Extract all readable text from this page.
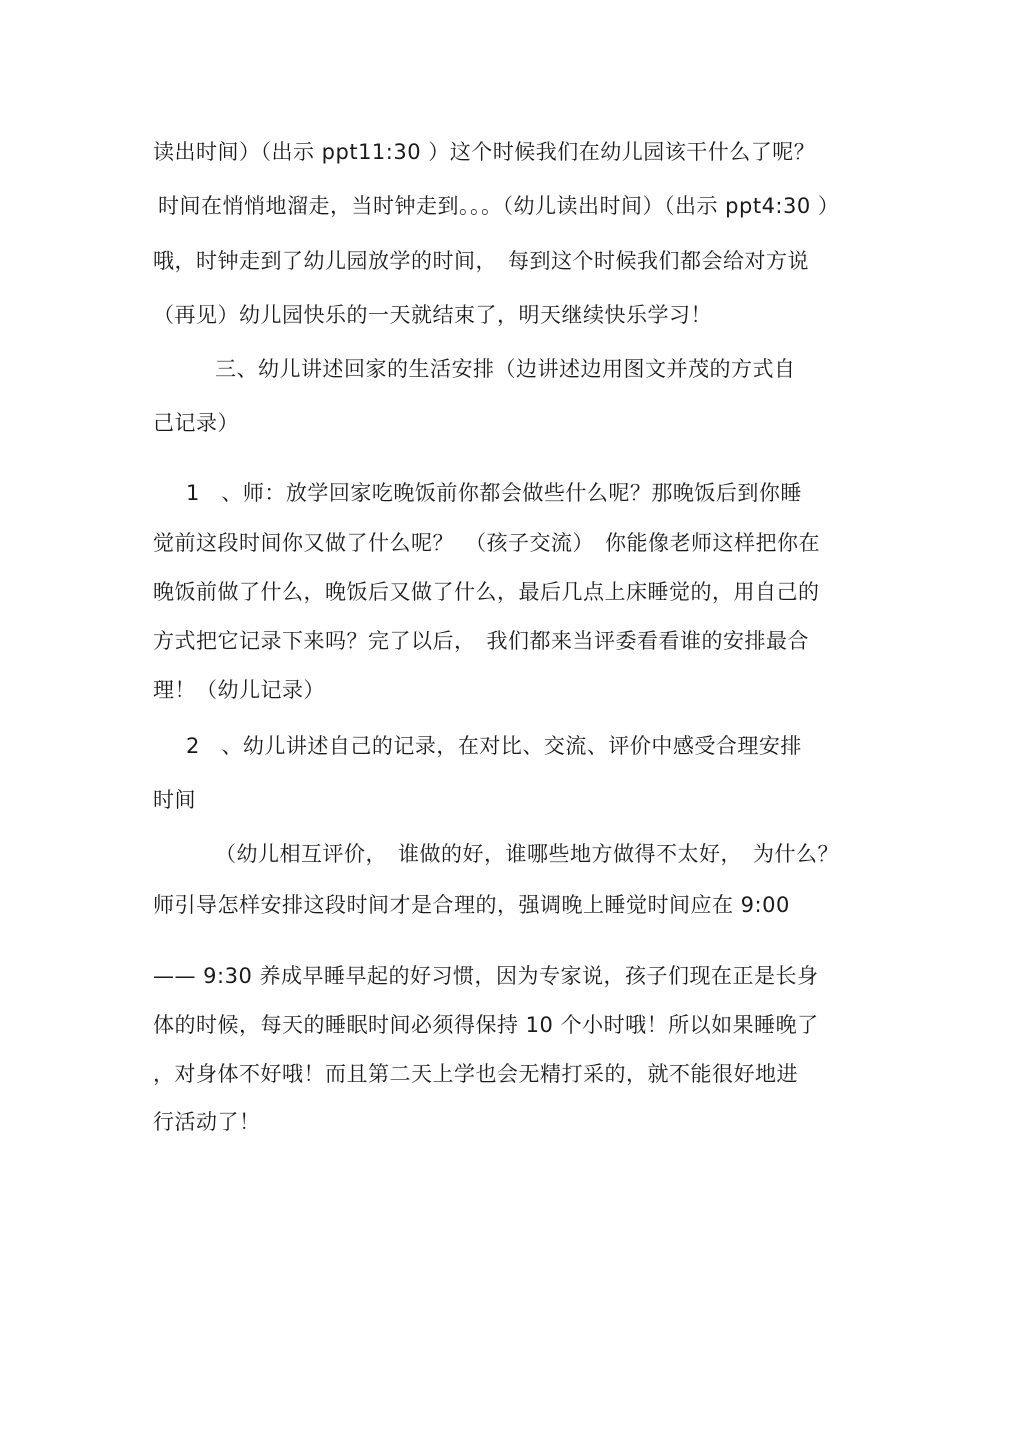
读出时间）（出示 ppt11:30 ）这个时候我们在幼儿园该干什么了呢？
时间在悄悄地溜走，当时钟走到。。。（幼儿读出时间）（出示 ppt4:30 ）
哦，时钟走到了幼儿园放学的时间，　每到这个时候我们都会给对方说
（再见）幼儿园快乐的一天就结束了，明天继续快乐学习！
三、幼儿讲述回家的生活安排（边讲述边用图文并茂的方式自
己记录）
1　、师：放学回家吃晚饭前你都会做些什么呢？那晚饭后到你睡
觉前这段时间你又做了什么呢？　（孩子交流）　你能像老师这样把你在
晚饭前做了什么，晚饭后又做了什么，最后几点上床睡觉的，用自己的
方式把它记录下来吗？完了以后，　我们都来当评委看看谁的安排最合
理！（幼儿记录）
2　、幼儿讲述自己的记录，在对比、交流、评价中感受合理安排
时间
（幼儿相互评价，　谁做的好，谁哪些地方做得不太好，　为什么？
师引导怎样安排这段时间才是合理的，强调晚上睡觉时间应在 9:00
—— 9:30 养成早睡早起的好习惯，因为专家说，孩子们现在正是长身
体的时候，每天的睡眠时间必须得保持 10 个小时哦！所以如果睡晚了
，对身体不好哦！而且第二天上学也会无精打采的，就不能很好地进
行活动了！
